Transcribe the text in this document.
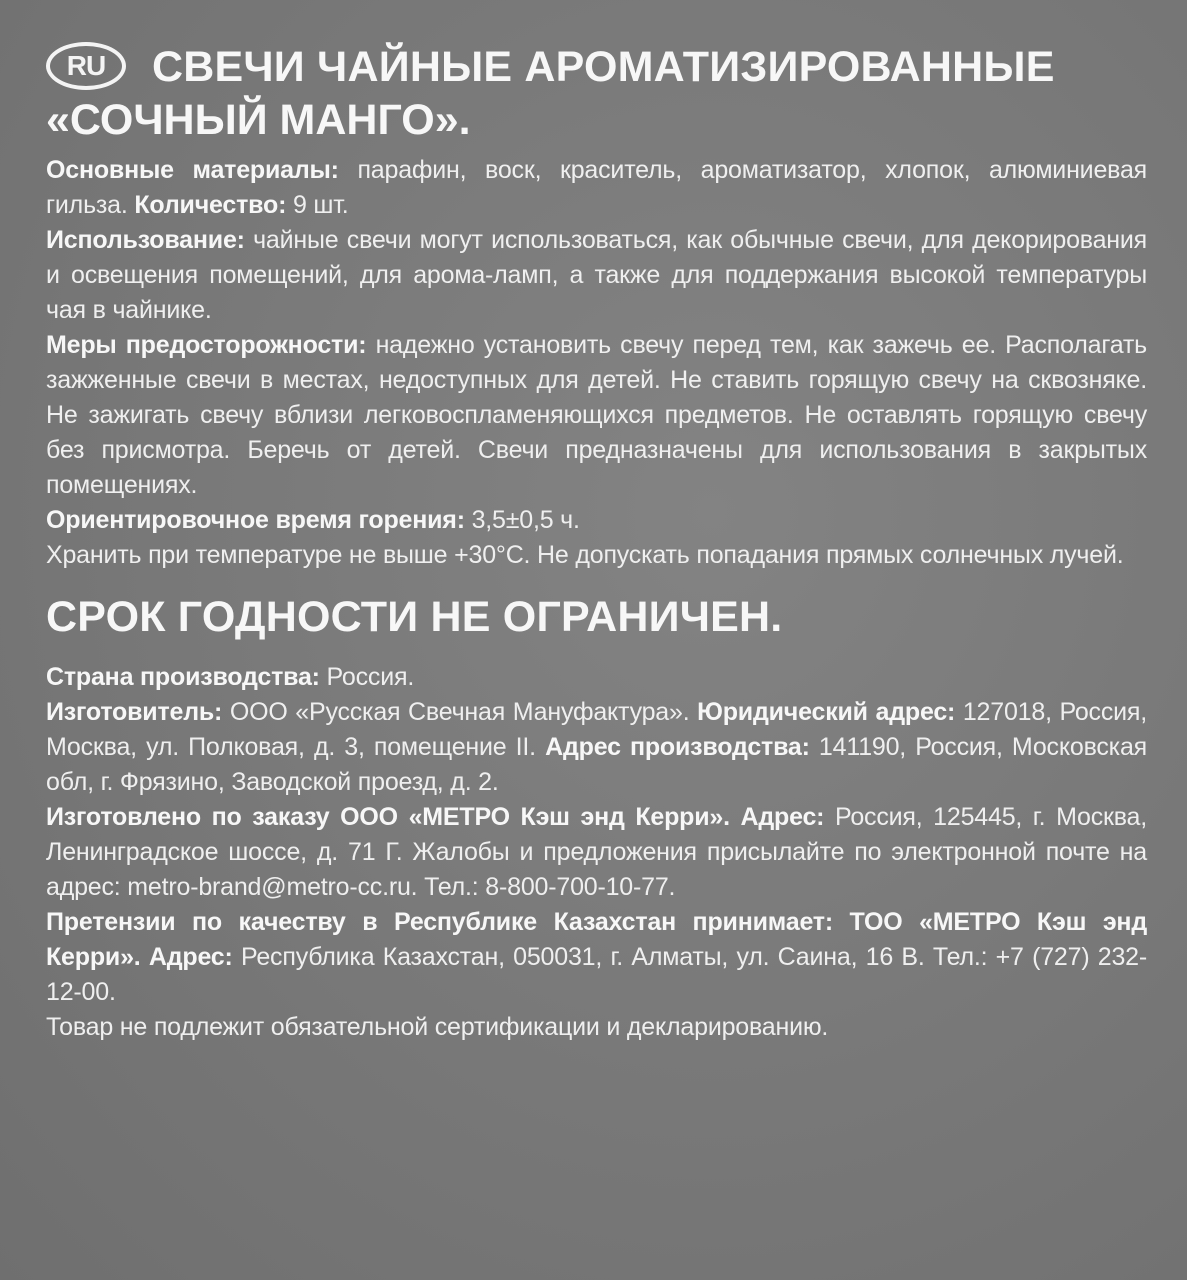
RU	СВЕЧИ ЧАЙНЫЕ АРОМАТИЗИРОВАННЫЕ
«СОЧНЫЙ МАНГО».

Основные материалы: парафин, воск, краситель, ароматизатор, хлопок, алюминиевая гильза. Количество: 9 шт.

Использование: чайные свечи могут использоваться, как обычные свечи, для декорирования и освещения помещений, для арома-ламп, а также для поддержания высокой температуры чая в чайнике.

Меры предосторожности: надежно установить свечу перед тем, как зажечь ее. Располагать зажженные свечи в местах, недоступных для детей. Не ставить горящую свечу на сквозняке. Не зажигать свечу вблизи легковоспламеняющихся предметов. Не оставлять горящую свечу без присмотра. Беречь от детей. Свечи предназначены для использования в закрытых помещениях.

Ориентировочное время горения: 3,5±0,5 ч.

Хранить при температуре не выше +30°С. Не допускать попадания прямых солнечных лучей.

СРОК ГОДНОСТИ НЕ ОГРАНИЧЕН.

Страна производства: Россия.

Изготовитель: ООО «Русская Свечная Мануфактура». Юридический адрес: 127018, Россия, Москва, ул. Полковая, д. 3, помещение II. Адрес производства: 141190, Россия, Московская обл, г. Фрязино, Заводской проезд, д. 2.

Изготовлено по заказу ООО «МЕТРО Кэш энд Керри». Адрес: Россия, 125445, г. Москва, Ленинградское шоссе, д. 71 Г. Жалобы и предложения присылайте по электронной почте на адрес: metro-brand@metro-cc.ru. Тел.: 8-800-700-10-77.

Претензии по качеству в Республике Казахстан принимает: ТОО «МЕТРО Кэш энд Керри». Адрес: Республика Казахстан, 050031, г. Алматы, ул. Саина, 16 В. Тел.: +7 (727) 232-12-00.

Товар не подлежит обязательной сертификации и декларированию.
